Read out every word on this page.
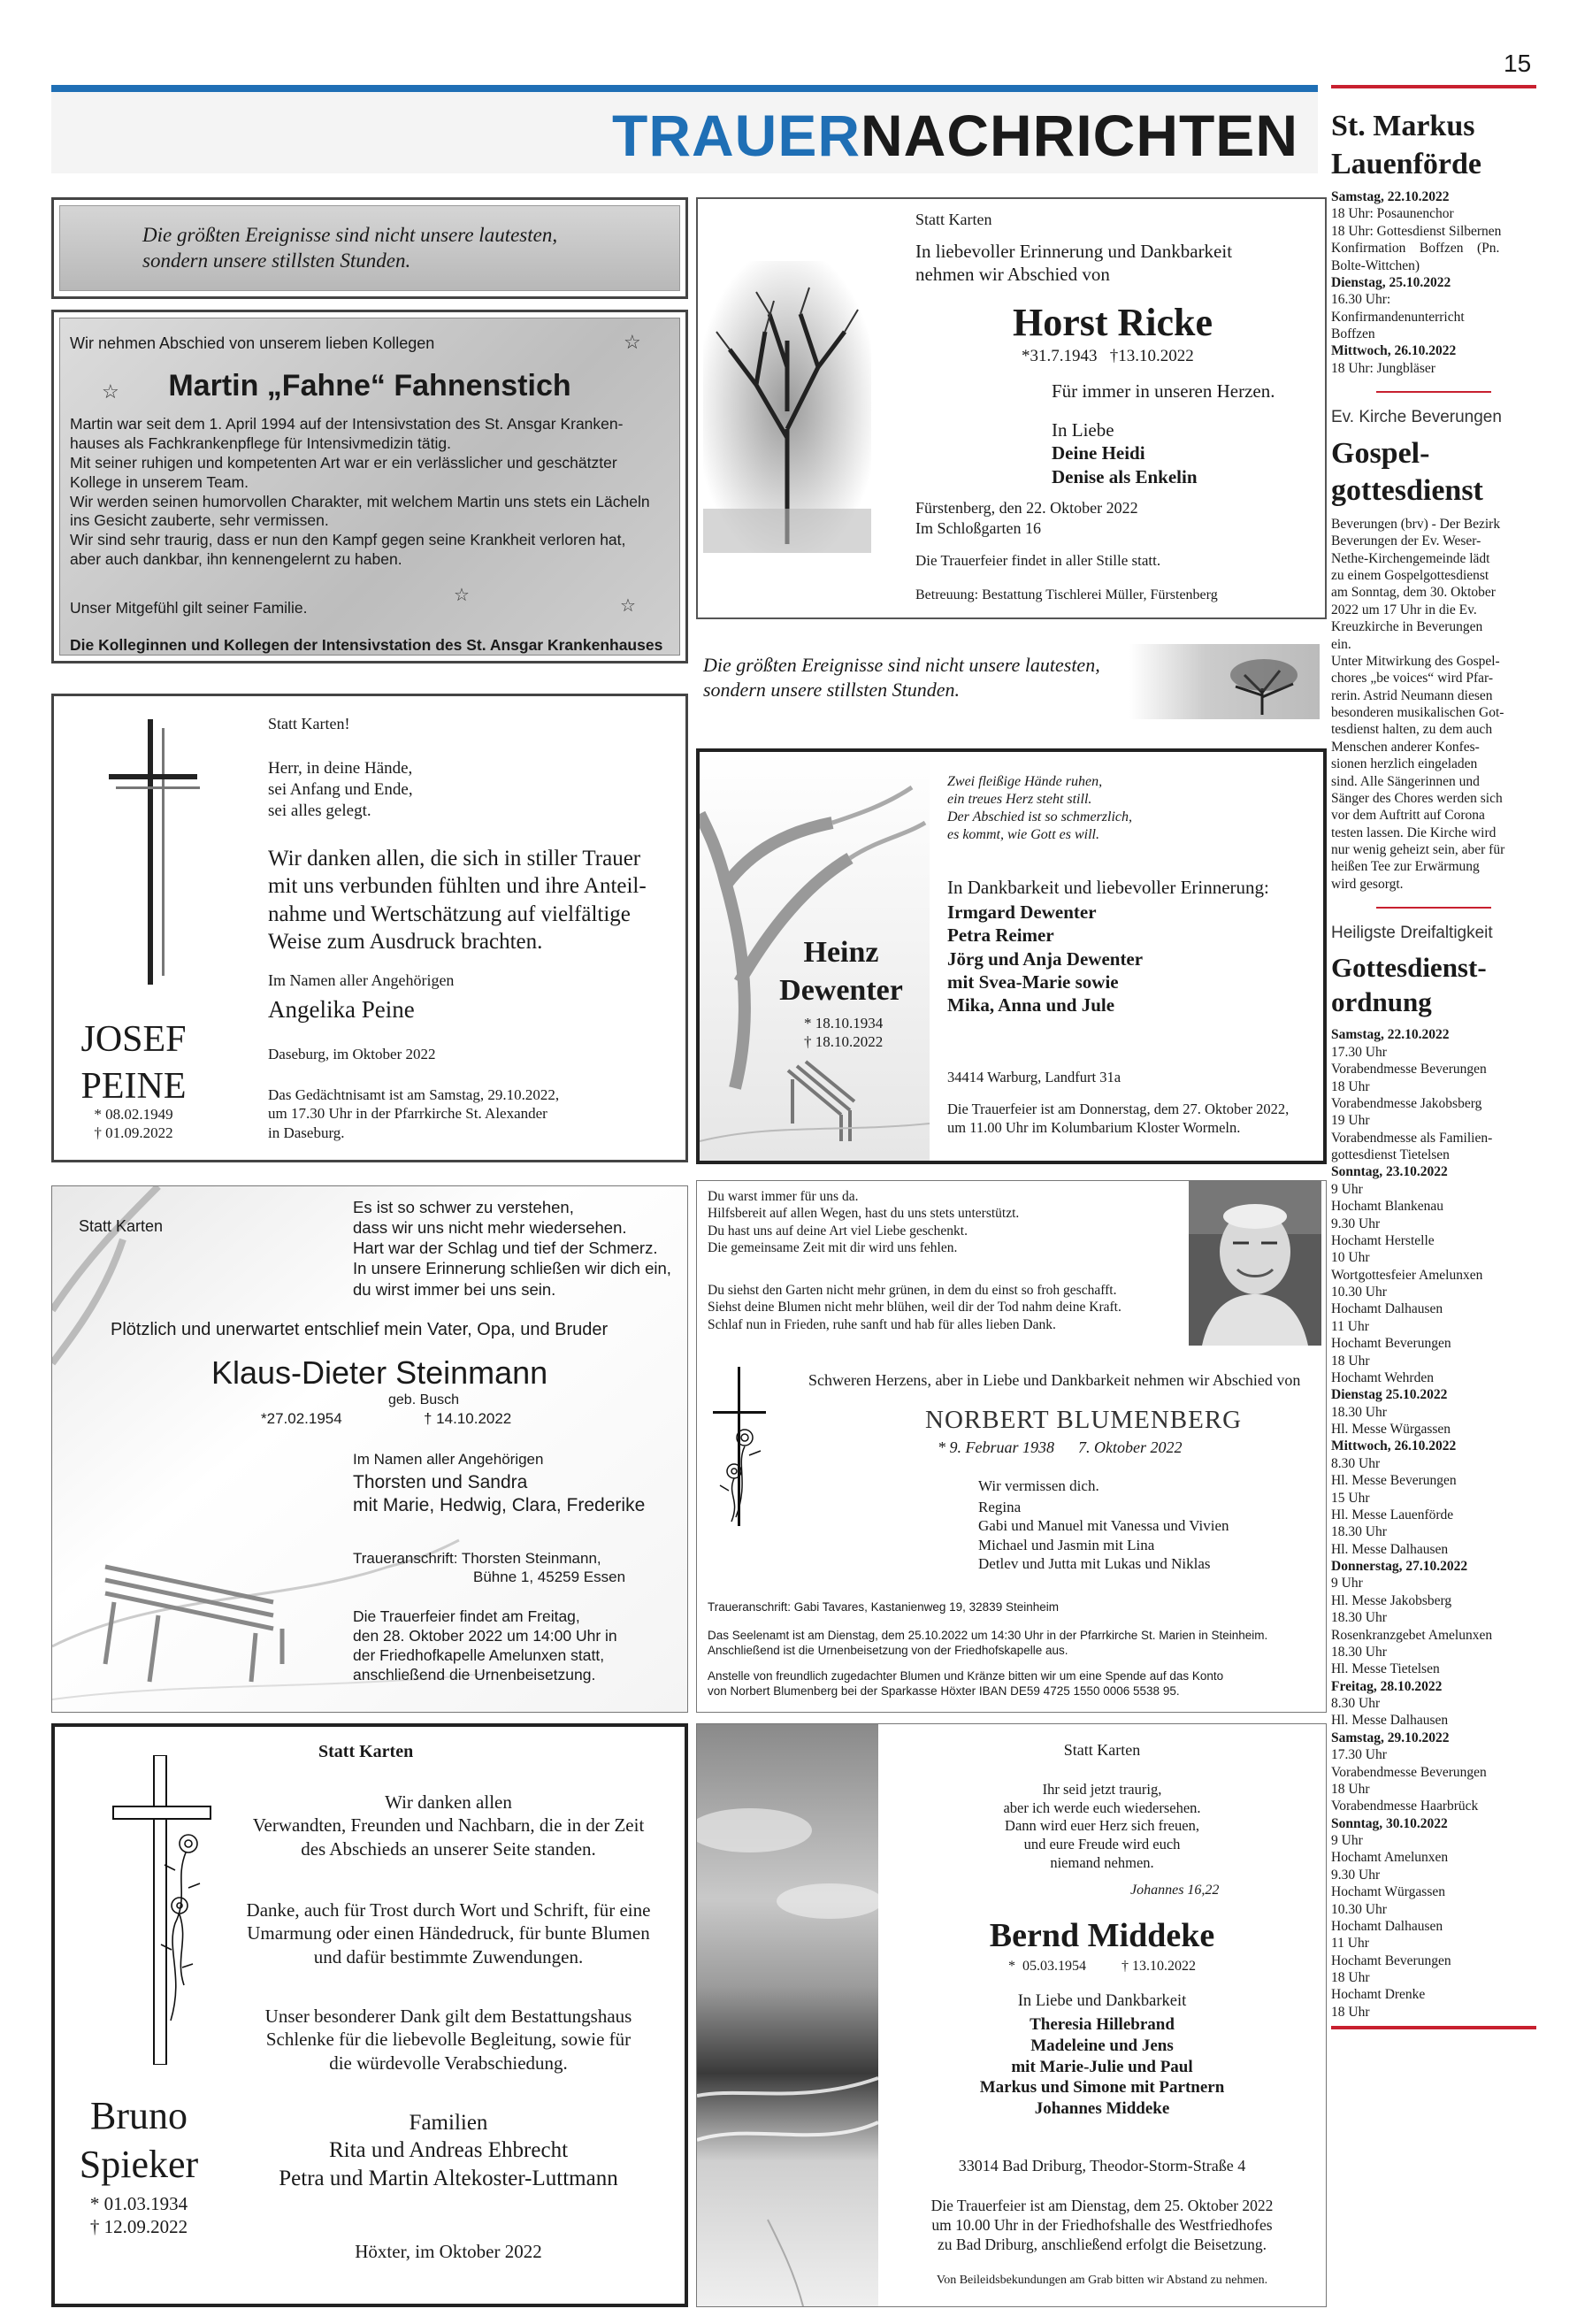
15
TRAUERNACHRICHTEN
Die größten Ereignisse sind nicht unsere lautesten,
sondern unsere stillsten Stunden.
Wir nehmen Abschied von unserem lieben Kollegen	☆
☆	Martin „Fahne“ Fahnenstich
Martin war seit dem 1. April 1994 auf der Intensivstation des St. Ansgar Kranken-
hauses als Fachkrankenpflege für Intensivmedizin tätig.
Mit seiner ruhigen und kompetenten Art war er ein verlässlicher und geschätzter
Kollege in unserem Team.
Wir werden seinen humorvollen Charakter, mit welchem Martin uns stets ein Lächeln
ins Gesicht zauberte, sehr vermissen.
Wir sind sehr traurig, dass er nun den Kampf gegen seine Krankheit verloren hat,
aber auch dankbar, ihn kennengelernt zu haben.
☆
☆
Unser Mitgefühl gilt seiner Familie.
Die Kolleginnen und Kollegen der Intensivstation des St. Ansgar Krankenhauses
Statt Karten
In liebevoller Erinnerung und Dankbarkeit
nehmen wir Abschied von
Horst Ricke
*31.7.1943   †13.10.2022
Für immer in unseren Herzen.
In Liebe
Deine Heidi
Denise als Enkelin
Fürstenberg, den 22. Oktober 2022
Im Schloßgarten 16
Die Trauerfeier findet in aller Stille statt.
Betreuung: Bestattung Tischlerei Müller, Fürstenberg
Die größten Ereignisse sind nicht unsere lautesten,
sondern unsere stillsten Stunden.
JOSEF
PEINE
* 08.02.1949
† 01.09.2022
Statt Karten!
Herr, in deine Hände,
sei Anfang und Ende,
sei alles gelegt.
Wir danken allen, die sich in stiller Trauer
mit uns verbunden fühlten und ihre Anteil-
nahme und Wertschätzung auf vielfältige
Weise zum Ausdruck brachten.
Im Namen aller Angehörigen
Angelika Peine
Daseburg, im Oktober 2022
Das Gedächtnisamt ist am Samstag, 29.10.2022,
um 17.30 Uhr in der Pfarrkirche St. Alexander
in Daseburg.
Heinz
Dewenter
* 18.10.1934
† 18.10.2022
Zwei fleißige Hände ruhen,
ein treues Herz steht still.
Der Abschied ist so schmerzlich,
es kommt, wie Gott es will.
In Dankbarkeit und liebevoller Erinnerung:
Irmgard Dewenter
Petra Reimer
Jörg und Anja Dewenter
mit Svea-Marie sowie
Mika, Anna und Jule
34414 Warburg, Landfurt 31a
Die Trauerfeier ist am Donnerstag, dem 27. Oktober 2022,
um 11.00 Uhr im Kolumbarium Kloster Wormeln.
Statt Karten
Es ist so schwer zu verstehen,
dass wir uns nicht mehr wiedersehen.
Hart war der Schlag und tief der Schmerz.
In unsere Erinnerung schließen wir dich ein,
du wirst immer bei uns sein.
Plötzlich und unerwartet entschlief mein Vater, Opa, und Bruder
Klaus-Dieter Steinmann
geb. Busch
*27.02.1954	† 14.10.2022
Im Namen aller Angehörigen
Thorsten und Sandra
mit Marie, Hedwig, Clara, Frederike
Traueranschrift: Thorsten Steinmann,
Bühne 1, 45259 Essen
Die Trauerfeier findet am Freitag,
den 28. Oktober 2022 um 14:00 Uhr in
der Friedhofkapelle Amelunxen statt,
anschließend die Urnenbeisetzung.
Du warst immer für uns da.
Hilfsbereit auf allen Wegen, hast du uns stets unterstützt.
Du hast uns auf deine Art viel Liebe geschenkt.
Die gemeinsame Zeit mit dir wird uns fehlen.
Du siehst den Garten nicht mehr grünen, in dem du einst so froh geschafft.
Siehst deine Blumen nicht mehr blühen, weil dir der Tod nahm deine Kraft.
Schlaf nun in Frieden, ruhe sanft und hab für alles lieben Dank.
Schweren Herzens, aber in Liebe und Dankbarkeit nehmen wir Abschied von
NORBERT BLUMENBERG
* 9. Februar 1938      7. Oktober 2022
Wir vermissen dich.
Regina
Gabi und Manuel mit Vanessa und Vivien
Michael und Jasmin mit Lina
Detlev und Jutta mit Lukas und Niklas
Traueranschrift: Gabi Tavares, Kastanienweg 19, 32839 Steinheim
Das Seelenamt ist am Dienstag, dem 25.10.2022 um 14:30 Uhr in der Pfarrkirche St. Marien in Steinheim.
Anschließend ist die Urnenbeisetzung von der Friedhofskapelle aus.
Anstelle von freundlich zugedachter Blumen und Kränze bitten wir um eine Spende auf das Konto
von Norbert Blumenberg bei der Sparkasse Höxter IBAN DE59 4725 1550 0006 5538 95.
Bruno
Spieker
* 01.03.1934
† 12.09.2022
Statt Karten
Wir danken allen
Verwandten, Freunden und Nachbarn, die in der Zeit
des Abschieds an unserer Seite standen.
Danke, auch für Trost durch Wort und Schrift, für eine
Umarmung oder einen Händedruck, für bunte Blumen
und dafür bestimmte Zuwendungen.
Unser besonderer Dank gilt dem Bestattungshaus
Schlenke für die liebevolle Begleitung, sowie für
die würdevolle Verabschiedung.
Familien
Rita und Andreas Ehbrecht
Petra und Martin Altekoster-Luttmann
Höxter, im Oktober 2022
Statt Karten
Ihr seid jetzt traurig,
aber ich werde euch wiedersehen.
Dann wird euer Herz sich freuen,
und eure Freude wird euch
niemand nehmen.
Johannes 16,22
Bernd Middeke
*  05.03.1954          † 13.10.2022
In Liebe und Dankbarkeit
Theresia Hillebrand
Madeleine und Jens
mit Marie-Julie und Paul
Markus und Simone mit Partnern
Johannes Middeke
33014 Bad Driburg, Theodor-Storm-Straße 4
Die Trauerfeier ist am Dienstag, dem 25. Oktober 2022
um 10.00 Uhr in der Friedhofshalle des Westfriedhofes
zu Bad Driburg, anschließend erfolgt die Beisetzung.
Von Beileidsbekundungen am Grab bitten wir Abstand zu nehmen.
St. Markus
Lauenförde
Samstag, 22.10.2022
18 Uhr: Posaunenchor
18 Uhr: Gottesdienst Silbernen
Konfirmation    Boffzen    (Pn.
Bolte-Wittchen)
Dienstag, 25.10.2022
16.30 Uhr:
Konfirmandenunterricht
Boffzen
Mittwoch, 26.10.2022
18 Uhr: Jungbläser
Ev. Kirche Beverungen
Gospel-
gottesdienst
Beverungen (brv) - Der Bezirk
Beverungen der Ev. Weser-
Nethe-Kirchengemeinde lädt
zu einem Gospelgottesdienst
am Sonntag, dem 30. Oktober
2022 um 17 Uhr in die Ev.
Kreuzkirche in Beverungen
ein.
Unter Mitwirkung des Gospel-
chores „be voices“ wird Pfar-
rerin. Astrid Neumann diesen
besonderen musikalischen Got-
tesdienst halten, zu dem auch
Menschen anderer Konfes-
sionen herzlich eingeladen
sind. Alle Sängerinnen und
Sänger des Chores werden sich
vor dem Auftritt auf Corona
testen lassen. Die Kirche wird
nur wenig geheizt sein, aber für
heißen Tee zur Erwärmung
wird gesorgt.
Heiligste Dreifaltigkeit
Gottesdienst-
ordnung
Samstag, 22.10.2022
17.30 Uhr
Vorabendmesse Beverungen
18 Uhr
Vorabendmesse Jakobsberg
19 Uhr
Vorabendmesse als Familien-
gottesdienst Tietelsen
Sonntag, 23.10.2022
9 Uhr
Hochamt Blankenau
9.30 Uhr
Hochamt Herstelle
10 Uhr
Wortgottesfeier Amelunxen
10.30 Uhr
Hochamt Dalhausen
11 Uhr
Hochamt Beverungen
18 Uhr
Hochamt Wehrden
Dienstag 25.10.2022
18.30 Uhr
Hl. Messe Würgassen
Mittwoch, 26.10.2022
8.30 Uhr
Hl. Messe Beverungen
15 Uhr
Hl. Messe Lauenförde
18.30 Uhr
Hl. Messe Dalhausen
Donnerstag, 27.10.2022
9 Uhr
Hl. Messe Jakobsberg
18.30 Uhr
Rosenkranzgebet Amelunxen
18.30 Uhr
Hl. Messe Tietelsen
Freitag, 28.10.2022
8.30 Uhr
Hl. Messe Dalhausen
Samstag, 29.10.2022
17.30 Uhr
Vorabendmesse Beverungen
18 Uhr
Vorabendmesse Haarbrück
Sonntag, 30.10.2022
9 Uhr
Hochamt Amelunxen
9.30 Uhr
Hochamt Würgassen
10.30 Uhr
Hochamt Dalhausen
11 Uhr
Hochamt Beverungen
18 Uhr
Hochamt Drenke
18 Uhr
